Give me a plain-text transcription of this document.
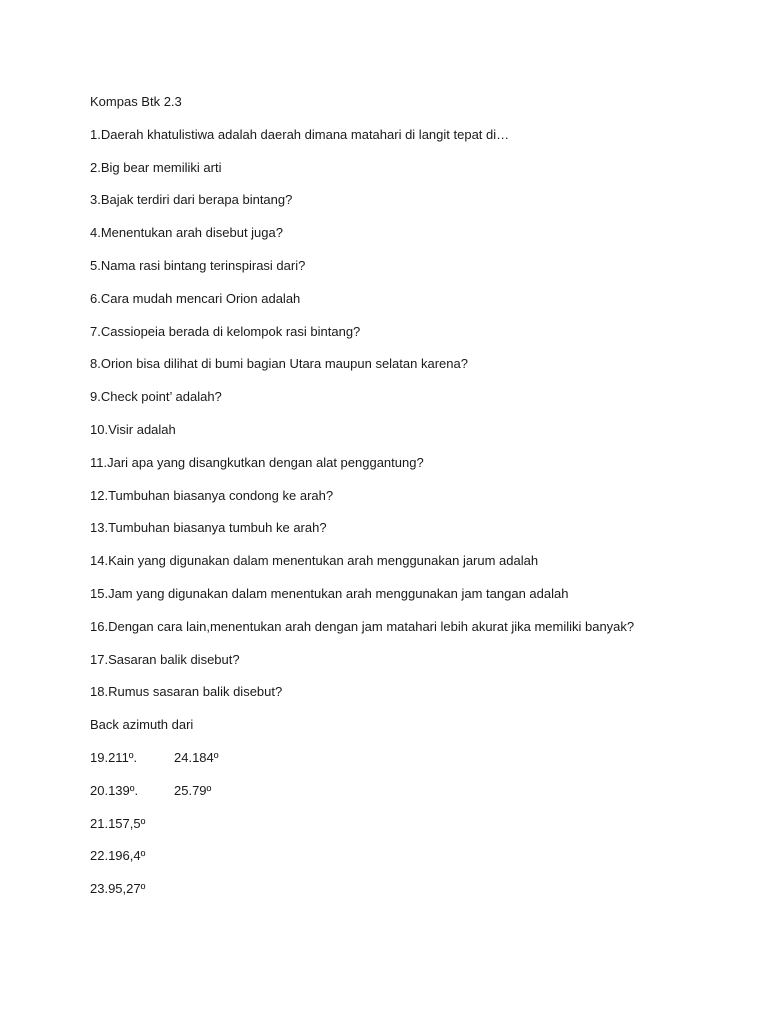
Kompas Btk 2.3
1.Daerah khatulistiwa adalah daerah dimana matahari di langit tepat di…
2.Big bear memiliki arti
3.Bajak terdiri dari berapa bintang?
4.Menentukan arah disebut juga?
5.Nama rasi bintang terinspirasi dari?
6.Cara mudah mencari Orion adalah
7.Cassiopeia berada di kelompok rasi bintang?
8.Orion bisa dilihat di bumi bagian Utara maupun selatan karena?
9.Check point’ adalah?
10.Visir adalah
11.Jari apa yang disangkutkan dengan alat penggantung?
12.Tumbuhan biasanya condong ke arah?
13.Tumbuhan biasanya tumbuh ke arah?
14.Kain yang digunakan dalam menentukan arah menggunakan jarum adalah
15.Jam yang digunakan dalam menentukan arah menggunakan jam tangan adalah
16.Dengan cara lain,menentukan arah dengan jam matahari lebih akurat jika memiliki banyak?
17.Sasaran balik disebut?
18.Rumus sasaran balik disebut?
Back azimuth dari
19.211º.	24.184º
20.139º.	25.79º
21.157,5º
22.196,4º
23.95,27º
